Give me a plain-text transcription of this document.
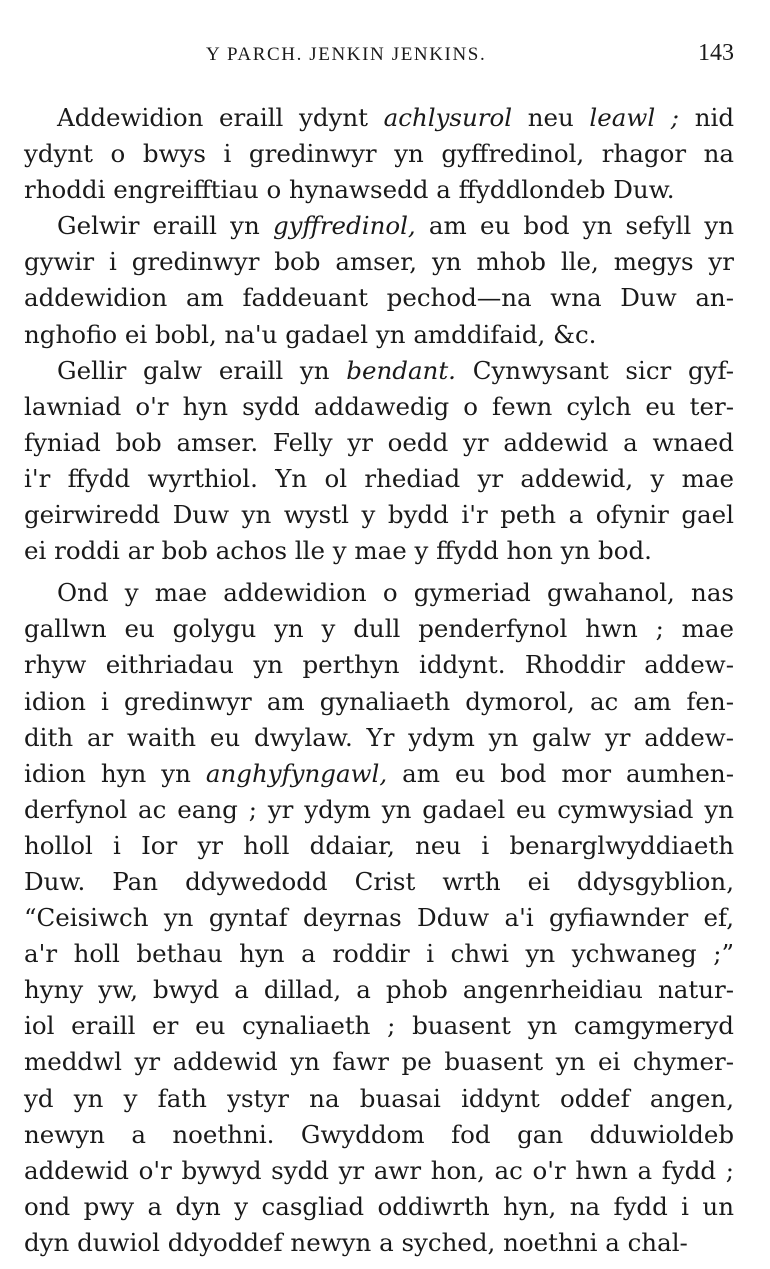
Y PARCH. JENKIN JENKINS.	143
Addewidion eraill ydynt achlysurol neu leawl ; nid
ydynt o bwys i gredinwyr yn gyffredinol, rhagor na
rhoddi engreifftiau o hynawsedd a ffyddlondeb Duw.
Gelwir eraill yn gyffredinol, am eu bod yn sefyll yn
gywir i gredinwyr bob amser, yn mhob lle, megys yr
addewidion am faddeuant pechod—na wna Duw an-
nghofio ei bobl, na'u gadael yn amddifaid, &c.
Gellir galw eraill yn bendant. Cynwysant sicr gyf-
lawniad o'r hyn sydd addawedig o fewn cylch eu ter-
fyniad bob amser. Felly yr oedd yr addewid a wnaed
i'r ffydd wyrthiol. Yn ol rhediad yr addewid, y mae
geirwiredd Duw yn wystl y bydd i'r peth a ofynir gael
ei roddi ar bob achos lle y mae y ffydd hon yn bod.
Ond y mae addewidion o gymeriad gwahanol, nas
gallwn eu golygu yn y dull penderfynol hwn ; mae
rhyw eithriadau yn perthyn iddynt. Rhoddir addew-
idion i gredinwyr am gynaliaeth dymorol, ac am fen-
dith ar waith eu dwylaw. Yr ydym yn galw yr addew-
idion hyn yn anghyfyngawl, am eu bod mor aumhen-
derfynol ac eang ; yr ydym yn gadael eu cymwysiad yn
hollol i Ior yr holl ddaiar, neu i benarglwyddiaeth
Duw. Pan ddywedodd Crist wrth ei ddysgyblion,
“Ceisiwch yn gyntaf deyrnas Dduw a'i gyfiawnder ef,
a'r holl bethau hyn a roddir i chwi yn ychwaneg ;”
hyny yw, bwyd a dillad, a phob angenrheidiau natur-
iol eraill er eu cynaliaeth ; buasent yn camgymeryd
meddwl yr addewid yn fawr pe buasent yn ei chymer-
yd yn y fath ystyr na buasai iddynt oddef angen,
newyn a noethni. Gwyddom fod gan dduwioldeb
addewid o'r bywyd sydd yr awr hon, ac o'r hwn a fydd ;
ond pwy a dyn y casgliad oddiwrth hyn, na fydd i un
dyn duwiol ddyoddef newyn a syched, noethni a chal-
